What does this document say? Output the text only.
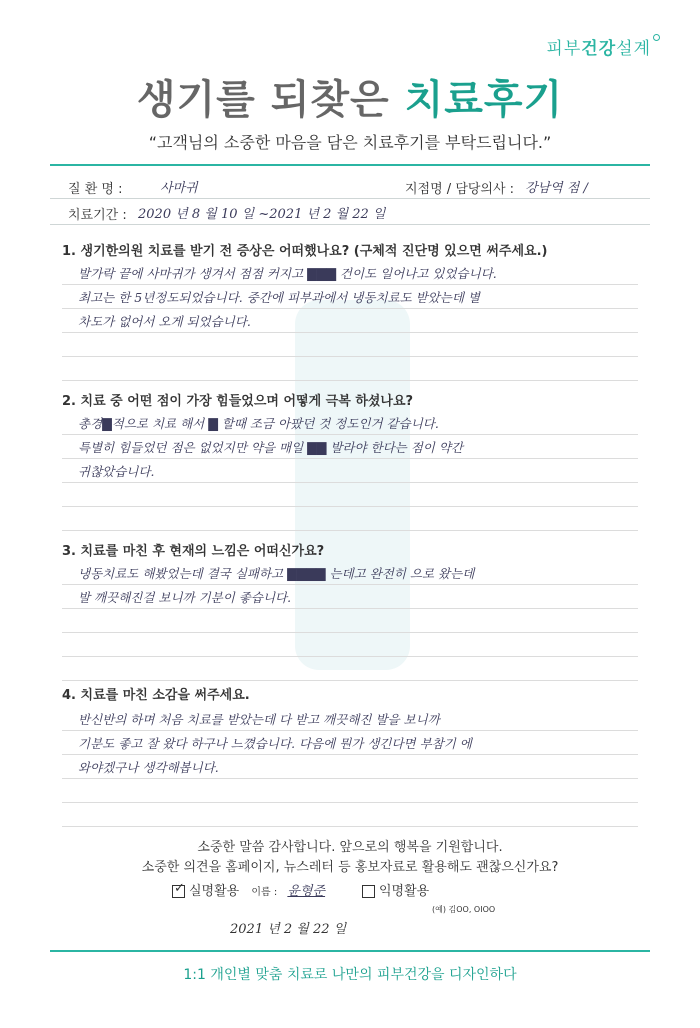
피부건강설계
생기를 되찾은 치료후기
“고객님의 소중한 마음을 담은 치료후기를 부탁드립니다.”
질 환 명 :	사마귀	지점명 / 담당의사 : 강남역 점 /
치료기간 : 2020 년 8 월 10 일 ~2021 년 2 월 22 일
1. 생기한의원 치료를 받기 전 증상은 어떠했나요? (구체적 진단명 있으면 써주세요.)
발가락 끝에 사마귀가 생겨서 점점 커지고 ▇▇▇ 건이도 일어나고 있었습니다.
최고는 한 5년정도되었습니다. 중간에 피부과에서 냉동치료도 받았는데 별
차도가 없어서 오게 되었습니다.
2. 치료 중 어떤 점이 가장 힘들었으며 어떻게 극복 하셨나요?
총경▇적으로 치료 해서 ▇ 할때 조금 아팠던 것 정도인거 같습니다.
특별히 힘들었던 점은 없었지만 약을 매일 ▇▇ 발라야 한다는 점이 약간
귀찮았습니다.
3. 치료를 마친 후 현재의 느낌은 어떠신가요?
냉동치료도 해봤었는데 결국 실패하고 ▇▇▇▇ 는데고 완전히 으로 왔는데
발 깨끗해진걸 보니까 기분이 좋습니다.
4. 치료를 마친 소감을 써주세요.
반신반의 하며 처음 치료를 받았는데 다 받고 깨끗해진 발을 보니까
기분도 좋고 잘 왔다 하구나 느꼈습니다. 다음에 뭔가 생긴다면 부참기 에
와야겠구나 생각해봅니다.
소중한 말씀 감사합니다. 앞으로의 행복을 기원합니다.
소중한 의견을 홈페이지, 뉴스레터 등 홍보자료로 활용해도 괜찮으신가요?
✓실명활용 이름 : 윤형준	익명활용
(예) 김OO, OIOO
2021 년 2 월 22 일
1:1 개인별 맞춤 치료로 나만의 피부건강을 디자인하다
